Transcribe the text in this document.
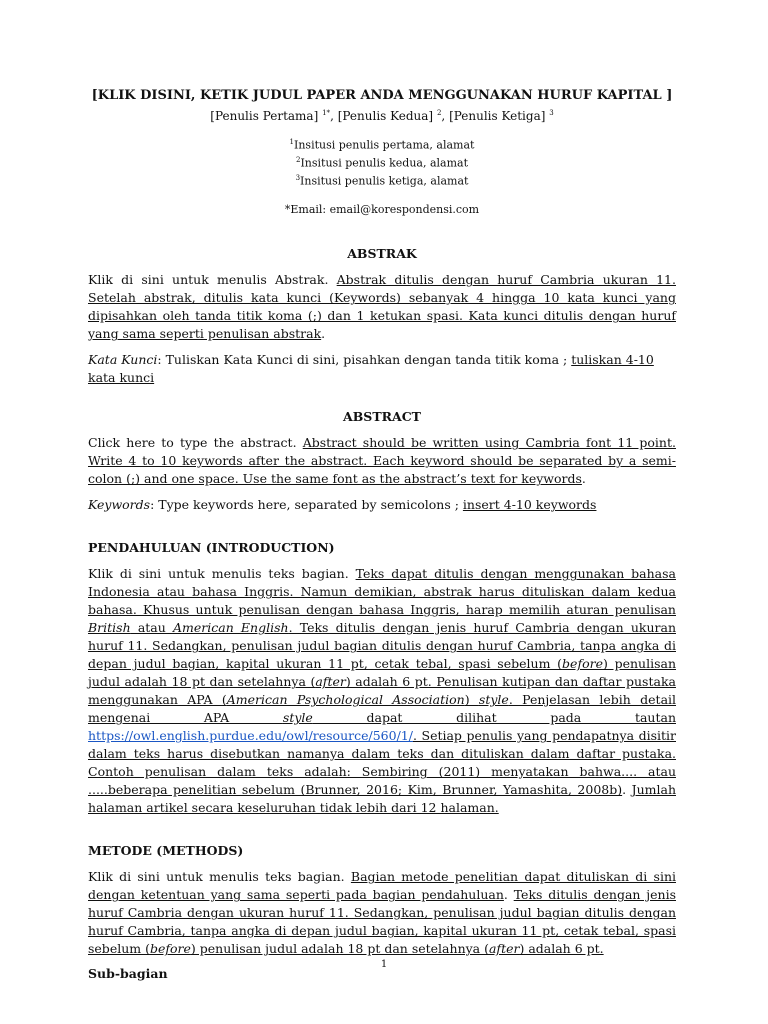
[KLIK DISINI, KETIK JUDUL PAPER ANDA MENGGUNAKAN HURUF KAPITAL ]

[Penulis Pertama] $^{1*}$, [Penulis Kedua] $^2$, [Penulis Ketiga] $^3$

$^1$Insitusi penulis pertama, alamat

$^2$Insitusi penulis kedua, alamat

$^3$Insitusi penulis ketiga, alamat

*Email: email@korespondensi.com

ABSTRAK

Klik di sini untuk menulis Abstrak. Abstrak ditulis dengan huruf Cambria ukuran 11. Setelah abstrak, ditulis kata kunci (Keywords) sebanyak 4 hingga 10 kata kunci yang dipisahkan oleh tanda titik koma (;) dan 1 ketukan spasi. Kata kunci ditulis dengan huruf yang sama seperti penulisan abstrak.

Kata Kunci: Tuliskan Kata Kunci di sini, pisahkan dengan tanda titik koma ; tuliskan 4-10 kata kunci

ABSTRACT

Click here to type the abstract. Abstract should be written using Cambria font 11 point. Write 4 to 10 keywords after the abstract. Each keyword should be separated by a semi-colon (;) and one space. Use the same font as the abstract’s text for keywords.

Keywords: Type keywords here, separated by semicolons ; insert 4-10 keywords

PENDAHULUAN (INTRODUCTION)

Klik di sini untuk menulis teks bagian. Teks dapat ditulis dengan menggunakan bahasa Indonesia atau bahasa Inggris. Namun demikian, abstrak harus dituliskan dalam kedua bahasa. Khusus untuk penulisan dengan bahasa Inggris, harap memilih aturan penulisan British atau American English. Teks ditulis dengan jenis huruf Cambria dengan ukuran huruf 11. Sedangkan, penulisan judul bagian ditulis dengan huruf Cambria, tanpa angka di depan judul bagian, kapital ukuran 11 pt, cetak tebal, spasi sebelum (before) penulisan judul adalah 18 pt dan setelahnya (after) adalah 6 pt. Penulisan kutipan dan daftar pustaka menggunakan APA (American Psychological Association) style. Penjelasan lebih detail mengenai APA style dapat dilihat pada tautan https://owl.english.purdue.edu/owl/resource/560/1/. Setiap penulis yang pendapatnya disitir dalam teks harus disebutkan namanya dalam teks dan dituliskan dalam daftar pustaka. Contoh penulisan dalam teks adalah: Sembiring (2011) menyatakan bahwa.... atau .....beberapa penelitian sebelum (Brunner, 2016; Kim, Brunner, Yamashita, 2008b). Jumlah halaman artikel secara keseluruhan tidak lebih dari 12 halaman.

METODE (METHODS)

Klik di sini untuk menulis teks bagian. Bagian metode penelitian dapat dituliskan di sini dengan ketentuan yang sama seperti pada bagian pendahuluan. Teks ditulis dengan jenis huruf Cambria dengan ukuran huruf 11. Sedangkan, penulisan judul bagian ditulis dengan huruf Cambria, tanpa angka di depan judul bagian, kapital ukuran 11 pt, cetak tebal, spasi sebelum (before) penulisan judul adalah 18 pt dan setelahnya (after) adalah 6 pt.

Sub-bagian

1
